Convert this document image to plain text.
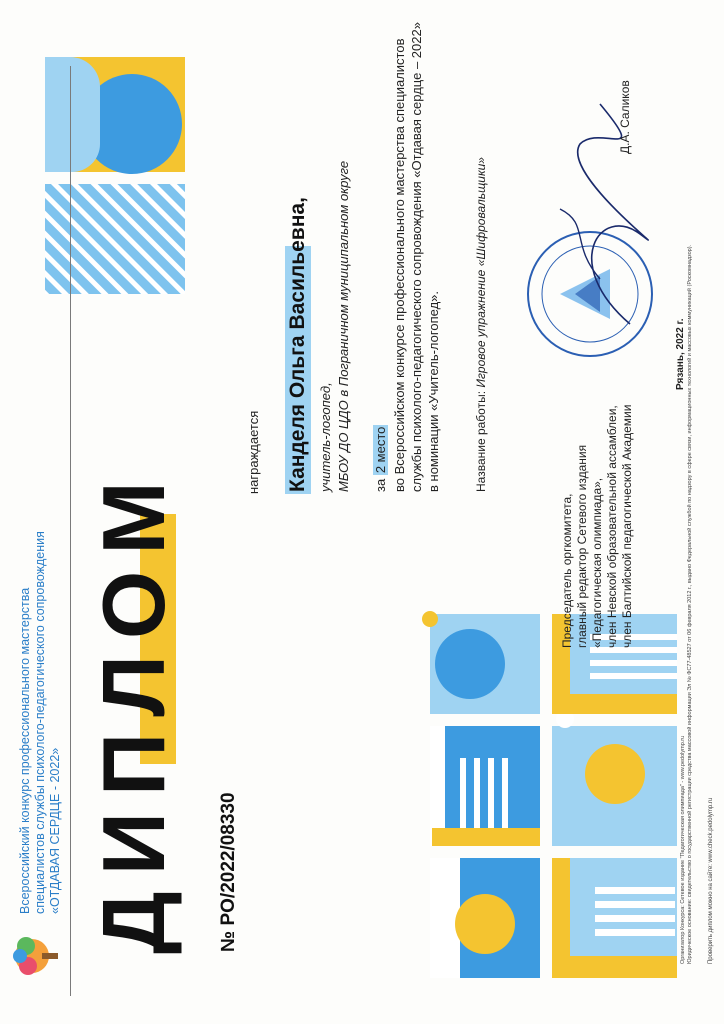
Всероссийский конкурс профессионального мастерства специалистов службы психолого-педагогического сопровождения «ОТДАВАЯ СЕРДЦЕ - 2022» ДИПЛОМ № PO/2022/08330
награждается Канделя Ольга Васильевна, учитель-логопед, МБОУ ДО ЦДО в Пограничном муниципальном округе за 2 место во Всероссийском конкурсе профессионального мастерства специалистов службы психолого-педагогического сопровождения «Отдавая сердце – 2022» в номинации «Учитель-логопед».	Название работы: Игровое упражнение «Шифровальщики»
Председатель оргкомитета, главный редактор Сетевого издания «Педагогическая олимпиада», член Невской образовательной ассамблеи, член Балтийской педагогической Академии
Рязань, 2022 г.
Д.А. Саликов
Организатор Конкурса: Сетевое издание "Педагогическая олимпиада" - www.pedolymp.ru Юридическое основание: свидетельство о государственной регистрации средства массовой информации Эл № ФС77-48527 от 06 февраля 2012 г., выдано Федеральной службой по надзору в сфере связи, информационных технологий и массовых коммуникаций (Роскомнадзор).	Проверить диплом можно на сайте: www.check.pedolymp.ru
